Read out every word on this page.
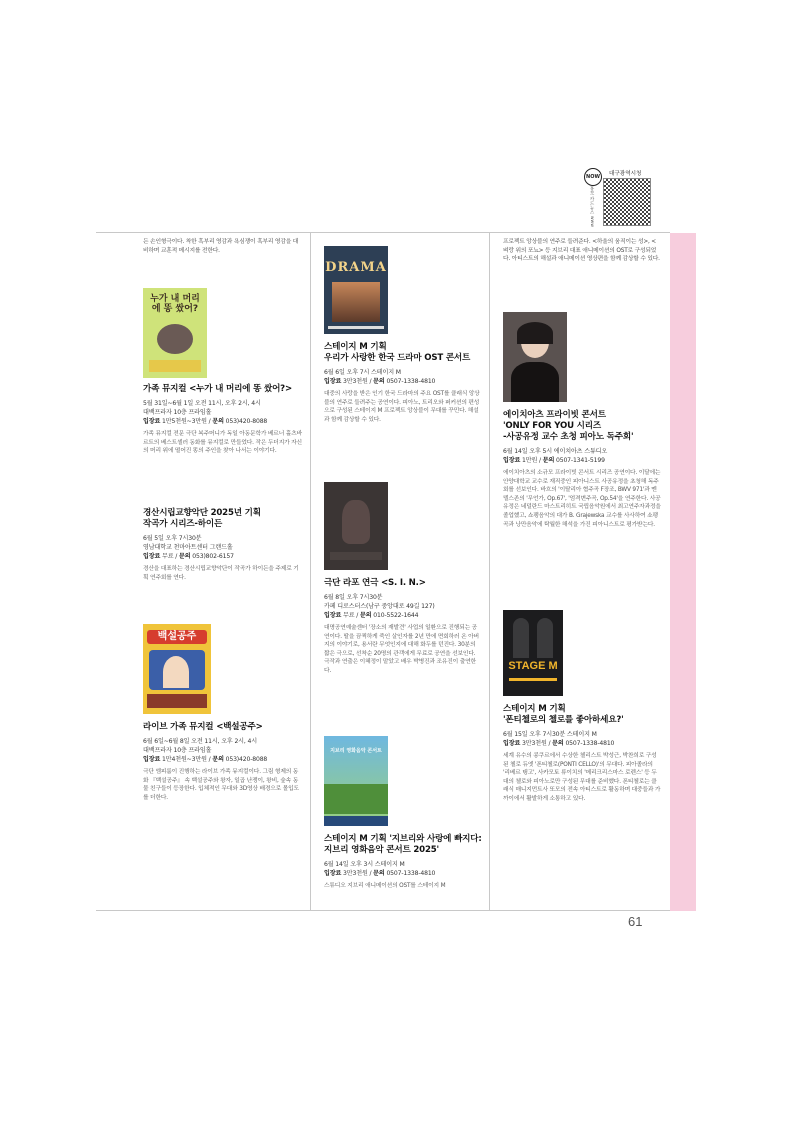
NOW	대구광역시청
홍보 카드뉴스 www
든 손인형극이다. 착한 흑부리 영감과 욕심쟁이 혹부리 영감을 대비하며 교훈적 메시지를 전한다.
누가 내 머리에 똥 쌌어?
가족 뮤지컬 <누가 내 머리에 똥 쌌어?>
5월 31일~6월 1일 오전 11시, 오후 2시, 4시
대백프라자 10층 프라임홀
입장료 1만5천원~3만원 / 문의 053)420-8088
가족 뮤지컬 전문 극단 복주머니가 독일 아동문학가 베르너 홀츠바르트의 베스트셀러 동화를 뮤지컬로 만들었다. 작은 두더지가 자신의 머리 위에 떨어진 똥의 주인을 찾아 나서는 이야기다.
경산시립교향악단 2025년 기획
작곡가 시리즈-하이든
6월 5일 오후 7시30분
영남대학교 천마아트센터 그랜드홀
입장료 무료 / 문의 053)802-6157
경산을 대표하는 경산시립교향악단이 작곡가 하이든을 주제로 기획 연주회를 연다.
백설공주
라이브 가족 뮤지컬 <백설공주>
6월 6일~6월 8일 오전 11시, 오후 2시, 4시
대백프라자 10층 프라임홀
입장료 1만4천원~3만원 / 문의 053)420-8088
극단 엠피룸이 진행하는 라이브 가족 뮤지컬이다. 그림 형제의 동화 『백설공주』 속 백설공주와 왕자, 일곱 난쟁이, 왕비, 숲속 동물 친구들이 등장한다. 입체적인 무대와 3D영상 배경으로 몰입도를 더한다.
DRAMA
스테이지 M 기획
우리가 사랑한 한국 드라마 OST 콘서트
6월 6일 오후 7시 스테이지 M
입장료 3만3천원 / 문의 0507-1338-4810
대중의 사랑을 받은 인기 한국 드라마의 주요 OST를 클래식 앙상블의 연주로 들려주는 공연이다. 피아노, 트리오와 퍼커션의 편성으로 구성된 스테이지 M 프로젝트 앙상블이 무대를 꾸민다. 해설과 함께 감상할 수 있다.
극단 라포 연극 <S. I. N.>
6월 8일 오후 7시30분
카페 디로스터스(남구 중앙대로 49길 127)
입장료 무료 / 문의 010-5522-1644
대명공연예술센터 '장소의 재발견' 사업의 일환으로 진행되는 공연이다. 딸을 끔찍하게 죽인 살인자를 2년 만에 면회하러 온 아버지의 이야기로, 용서란 무엇인지에 대해 화두를 던진다. 30분의 짧은 극으로, 선착순 20명의 관객에게 무료로 공연을 선보인다. 극작과 연출은 이혜정이 맡았고 배우 박병진과 조유진이 출연한다.
지브리 영화음악 콘서트
스테이지 M 기획 '지브리와 사랑에 빠지다:
지브리 영화음악 콘서트 2025'
6월 14일 오후 3시 스테이지 M
입장료 3만3천원 / 문의 0507-1338-4810
스튜디오 지브리 애니메이션의 OST를 스테이지 M
프로젝트 앙상블의 연주로 들려준다. <하울의 움직이는 성>, <벼랑 위의 포뇨> 등 지브리 대표 애니메이션의 OST로 구성되었다. 아티스트의 해설과 애니메이션 영상편을 함께 감상할 수 있다.
에이치아츠 프라이빗 콘서트
'ONLY FOR YOU 시리즈
-사공유정 교수 초청 피아노 독주회'
6월 14일 오후 5시 에이치아츠 스튜디오
입장료 1만원 / 문의 0507-1341-5199
에이치아츠의 소규모 프라이빗 콘서트 시리즈 공연이다. 이달에는 안양대학교 교수로 재직중인 피아니스트 사공유정을 초청해 독주회를 선보인다. 바흐의 '이탈리아 협주곡 F장조, BWV 971'과 멘델스존의 '무언가, Op.67', '엄격변주곡, Op.54'을 연주한다. 사공유정은 네덜란드 마스트리히트 국립음악원에서 최고연주자과정을 졸업했고, 쇼팽음악의 대가 B. Grajewska 교수를 사사하여 쇼팽곡과 낭만음악에 탁월한 해석을 가진 피아니스트로 평가받는다.
STAGE M
스테이지 M 기획
'폰티첼로의 첼로를 좋아하세요?'
6월 15일 오후 7시30분 스테이지 M
입장료 3만3천원 / 문의 0507-1338-4810
세계 유수의 콩쿠르에서 수상한 첼리스트 박성근, 박찬희로 구성된 첼로 듀엣 '폰티첼로(PONTI CELLO)'의 무대다. 피아졸라의 '리베르 탱고', 사카모토 류이치의 '메리크리스마스 로렌스' 등 두 대의 첼로와 피아노로만 구성된 무대를 준비했다. 폰티첼로는 클래식 매니지먼트사 또모의 전속 아티스트로 활동하며 대중들과 가까이에서 활발하게 소통하고 있다.
61
